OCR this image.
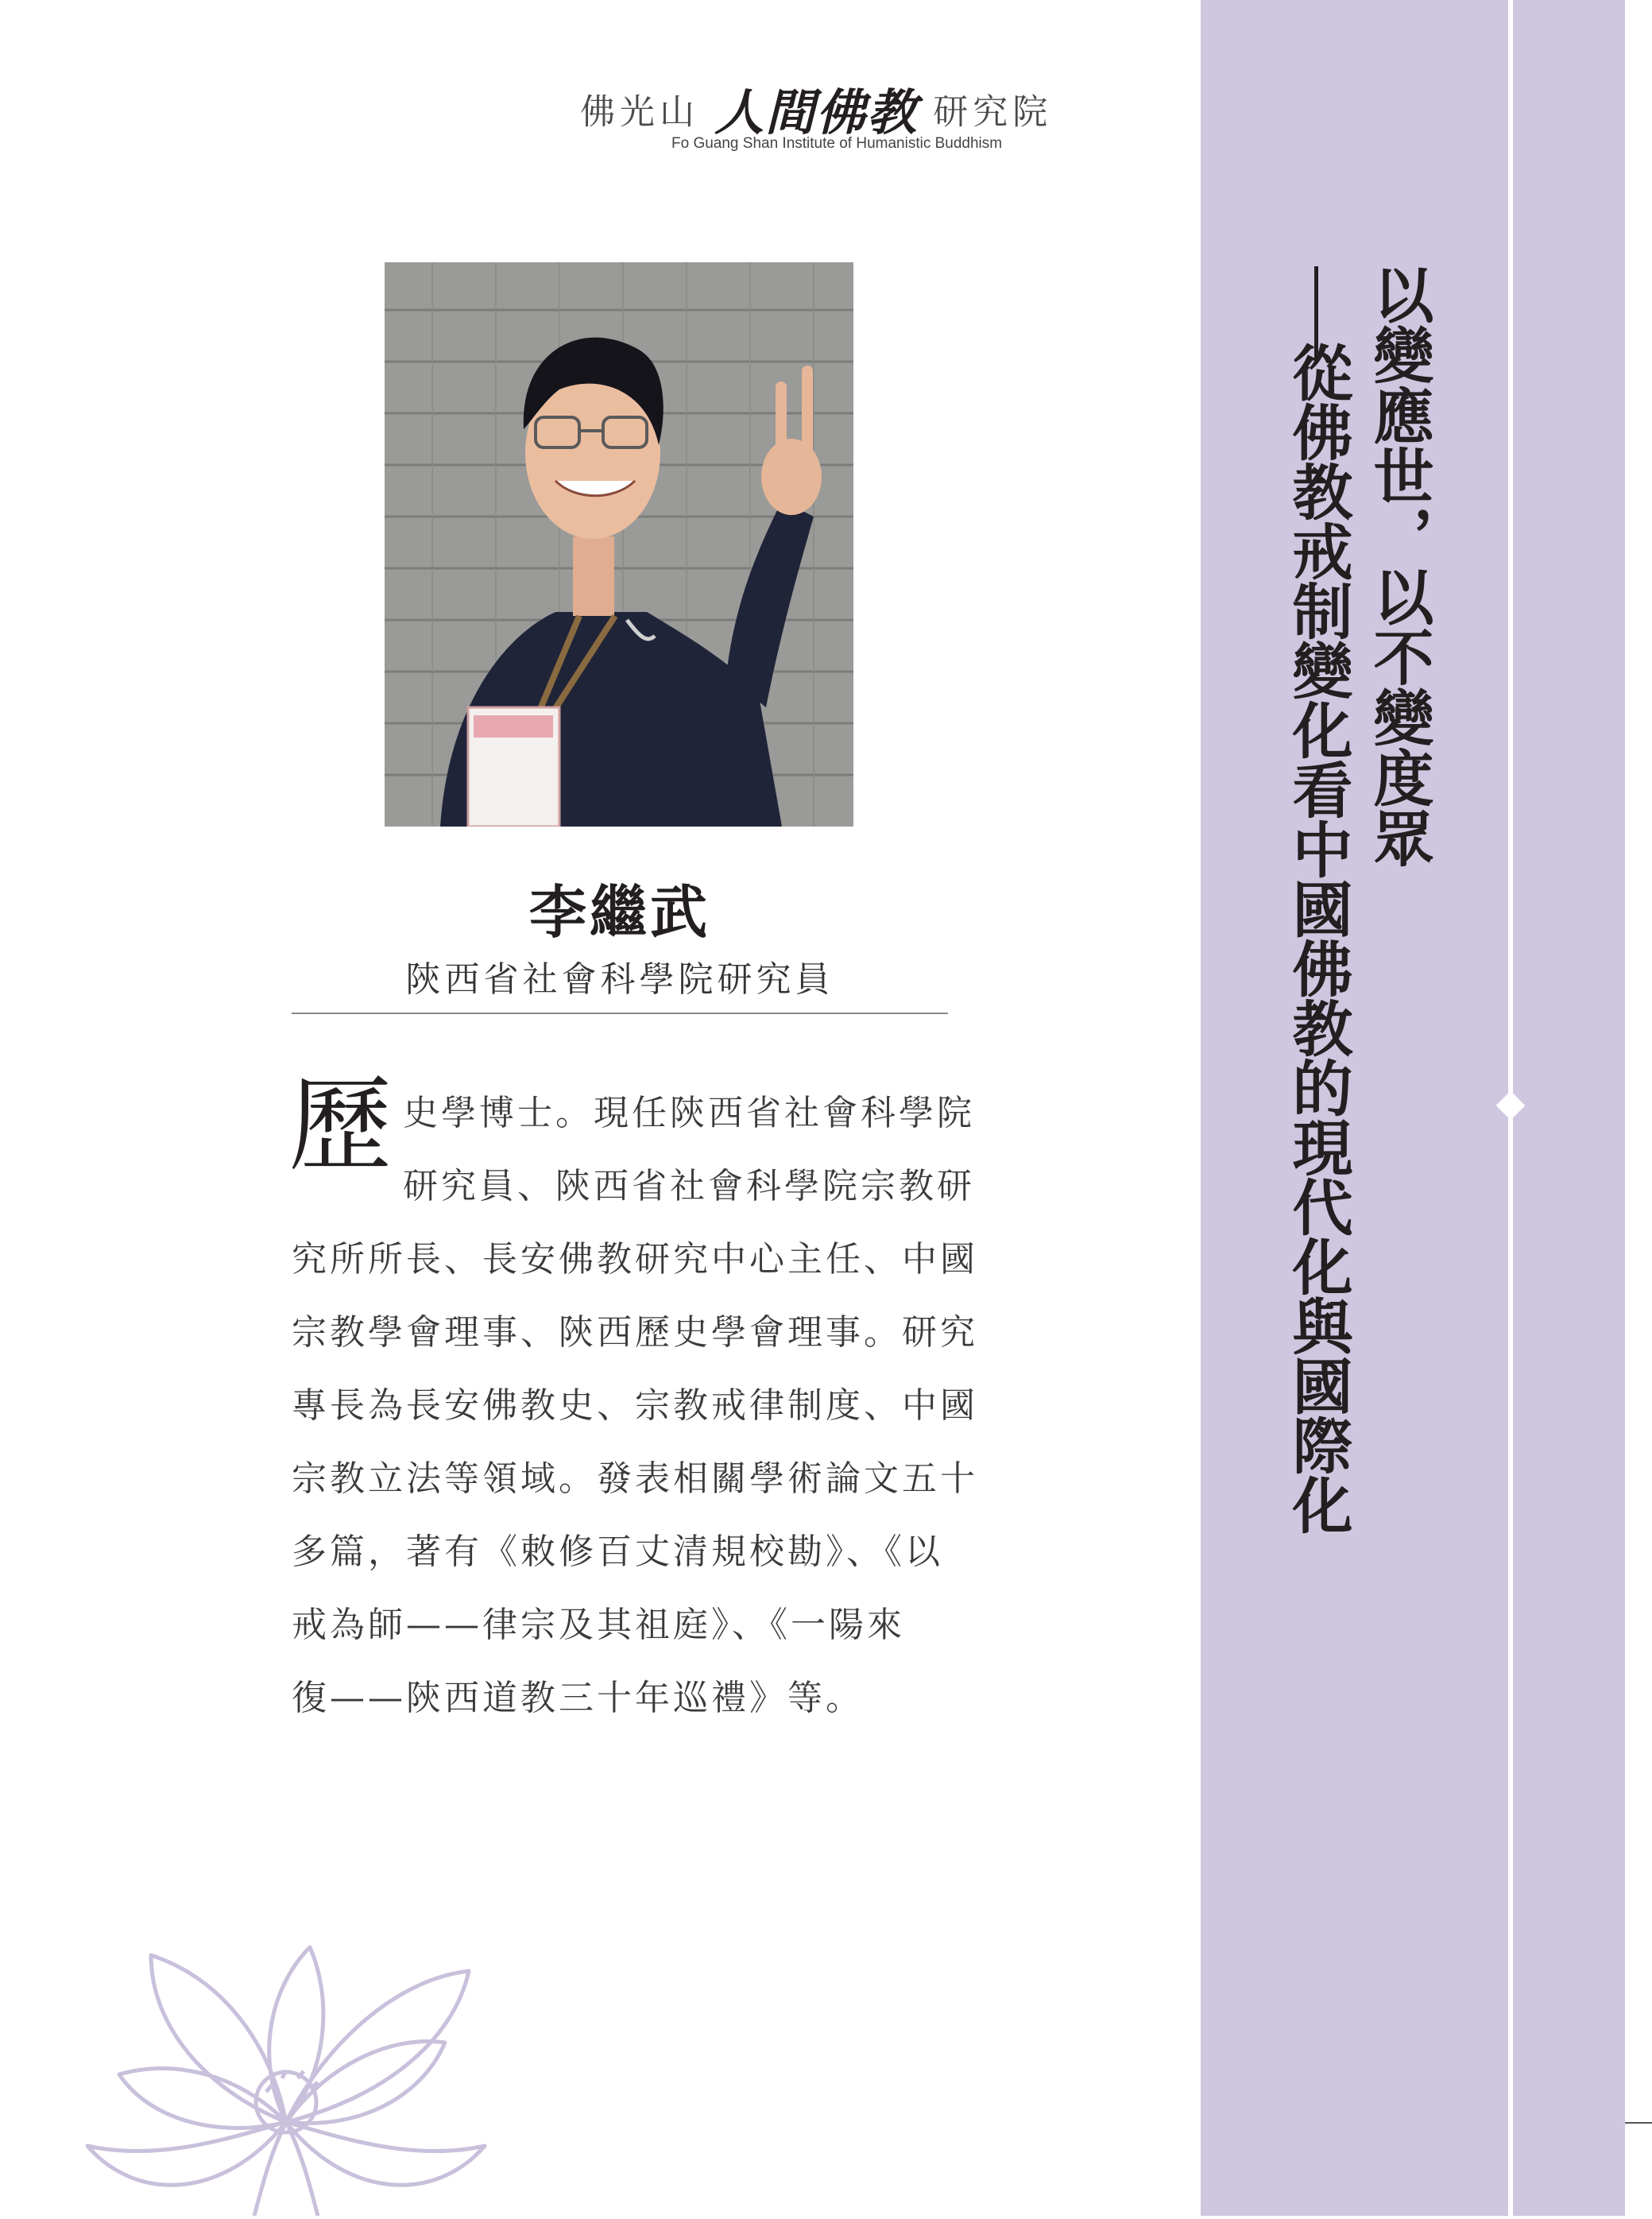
佛光山 人間佛教 研究院
Fo Guang Shan Institute of Humanistic Buddhism
李繼武
陝西省社會科學院研究員
歷 史學博士。現任陝西省社會科學院
研究員、陝西省社會科學院宗教研
究所所長、長安佛教研究中心主任、中國
宗教學會理事、陝西歷史學會理事。研究
專長為長安佛教史、宗教戒律制度、中國
宗教立法等領域。發表相關學術論文五十
多篇，著有《敕修百丈清規校勘》、《以
戒為師——律宗及其祖庭》、《一陽來
復——陝西道教三十年巡禮》等。
以變應世，以不變度眾
從佛教戒制變化看中國佛教的現代化與國際化
